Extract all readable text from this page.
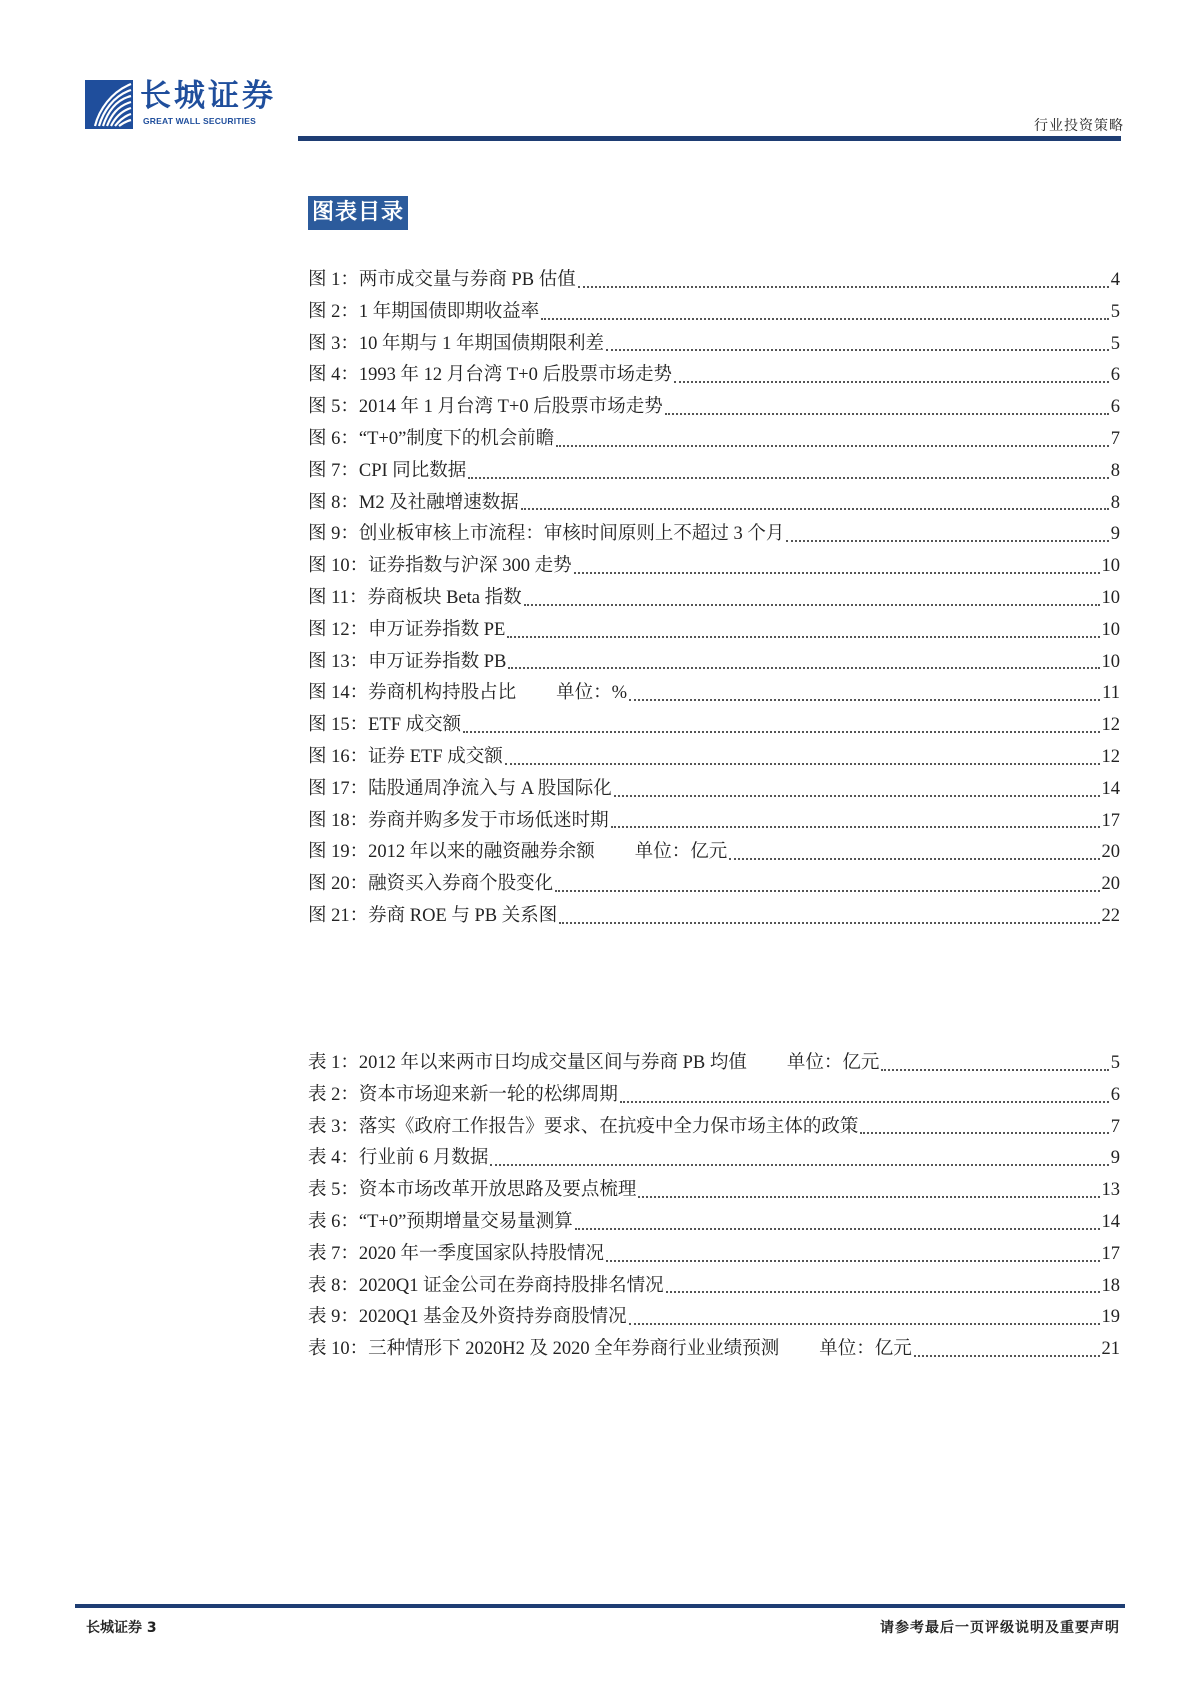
长城证券
GREAT WALL SECURITIES	行业投资策略
图表目录
图 1：两市成交量与券商 PB 估值	4
图 2：1 年期国债即期收益率	5
图 3：10 年期与 1 年期国债期限利差	5
图 4：1993 年 12 月台湾 T+0 后股票市场走势	6
图 5：2014 年 1 月台湾 T+0 后股票市场走势	6
图 6：“T+0”制度下的机会前瞻	7
图 7：CPI 同比数据	8
图 8：M2 及社融增速数据	8
图 9：创业板审核上市流程：审核时间原则上不超过 3 个月	9
图 10：证券指数与沪深 300 走势	10
图 11：券商板块 Beta 指数	10
图 12：申万证券指数 PE	10
图 13：申万证券指数 PB	10
图 14：券商机构持股占比	单位：%	11
图 15：ETF 成交额	12
图 16：证券 ETF 成交额	12
图 17：陆股通周净流入与 A 股国际化	14
图 18：券商并购多发于市场低迷时期	17
图 19：2012 年以来的融资融券余额	单位：亿元	20
图 20：融资买入券商个股变化	20
图 21：券商 ROE 与 PB 关系图	22
表 1：2012 年以来两市日均成交量区间与券商 PB 均值	单位：亿元	5
表 2：资本市场迎来新一轮的松绑周期	6
表 3：落实《政府工作报告》要求、在抗疫中全力保市场主体的政策	7
表 4：行业前 6 月数据	9
表 5：资本市场改革开放思路及要点梳理	13
表 6：“T+0”预期增量交易量测算	14
表 7：2020 年一季度国家队持股情况	17
表 8：2020Q1 证金公司在券商持股排名情况	18
表 9：2020Q1 基金及外资持券商股情况	19
表 10：三种情形下 2020H2 及 2020 全年券商行业业绩预测	单位：亿元	21
长城证券 3	请参考最后一页评级说明及重要声明
